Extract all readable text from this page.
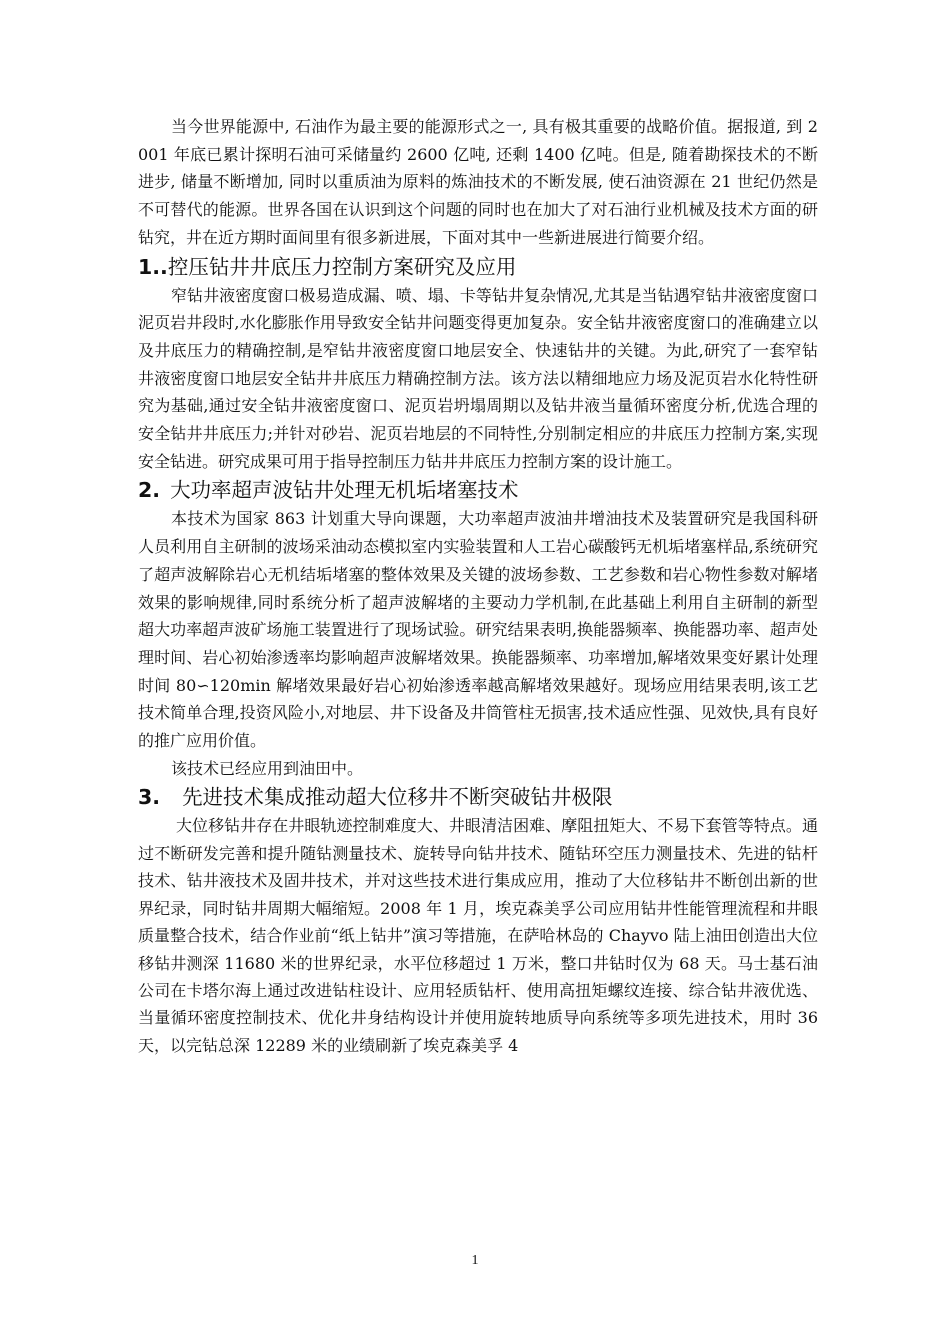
当今世界能源中, 石油作为最主要的能源形式之一, 具有极其重要的战略价值。据报道, 到 2001 年底已累计探明石油可采储量约 2600 亿吨, 还剩 1400 亿吨。但是, 随着勘探技术的不断进步, 储量不断增加, 同时以重质油为原料的炼油技术的不断发展, 使石油资源在 21 世纪仍然是不可替代的能源。世界各国在认识到这个问题的同时也在加大了对石油行业机械及技术方面的研钻究，井在近方期时面间里有很多新进展，下面对其中一些新进展进行简要介绍。

1..控压钻井井底压力控制方案研究及应用

窄钻井液密度窗口极易造成漏、喷、塌、卡等钻井复杂情况,尤其是当钻遇窄钻井液密度窗口泥页岩井段时,水化膨胀作用导致安全钻井问题变得更加复杂。安全钻井液密度窗口的准确建立以及井底压力的精确控制,是窄钻井液密度窗口地层安全、快速钻井的关键。为此,研究了一套窄钻井液密度窗口地层安全钻井井底压力精确控制方法。该方法以精细地应力场及泥页岩水化特性研究为基础,通过安全钻井液密度窗口、泥页岩坍塌周期以及钻井液当量循环密度分析,优选合理的安全钻井井底压力;并针对砂岩、泥页岩地层的不同特性,分别制定相应的井底压力控制方案,实现安全钻进。研究成果可用于指导控制压力钻井井底压力控制方案的设计施工。

2. 大功率超声波钻井处理无机垢堵塞技术

本技术为国家 863 计划重大导向课题，大功率超声波油井增油技术及装置研究是我国科研人员利用自主研制的波场采油动态模拟室内实验装置和人工岩心碳酸钙无机垢堵塞样品,系统研究了超声波解除岩心无机结垢堵塞的整体效果及关键的波场参数、工艺参数和岩心物性参数对解堵效果的影响规律,同时系统分析了超声波解堵的主要动力学机制,在此基础上利用自主研制的新型超大功率超声波矿场施工装置进行了现场试验。研究结果表明,换能器频率、换能器功率、超声处理时间、岩心初始渗透率均影响超声波解堵效果。换能器频率、功率增加,解堵效果变好累计处理时间 80∽120min 解堵效果最好岩心初始渗透率越高解堵效果越好。现场应用结果表明,该工艺技术简单合理,投资风险小,对地层、井下设备及井筒管柱无损害,技术适应性强、见效快,具有良好的推广应用价值。

该技术已经应用到油田中。

3. 先进技术集成推动超大位移井不断突破钻井极限

大位移钻井存在井眼轨迹控制难度大、井眼清洁困难、摩阻扭矩大、不易下套管等特点。通过不断研发完善和提升随钻测量技术、旋转导向钻井技术、随钻环空压力测量技术、先进的钻杆技术、钻井液技术及固井技术，并对这些技术进行集成应用，推动了大位移钻井不断创出新的世界纪录，同时钻井周期大幅缩短。2008 年 1 月，埃克森美孚公司应用钻井性能管理流程和井眼质量整合技术，结合作业前“纸上钻井”演习等措施，在萨哈林岛的 Chayvo 陆上油田创造出大位移钻井测深 11680 米的世界纪录，水平位移超过 1 万米，整口井钻时仅为 68 天。马士基石油公司在卡塔尔海上通过改进钻柱设计、应用轻质钻杆、使用高扭矩螺纹连接、综合钻井液优选、当量循环密度控制技术、优化井身结构设计并使用旋转地质导向系统等多项先进技术，用时 36 天，以完钻总深 12289 米的业绩刷新了埃克森美孚 4

1
